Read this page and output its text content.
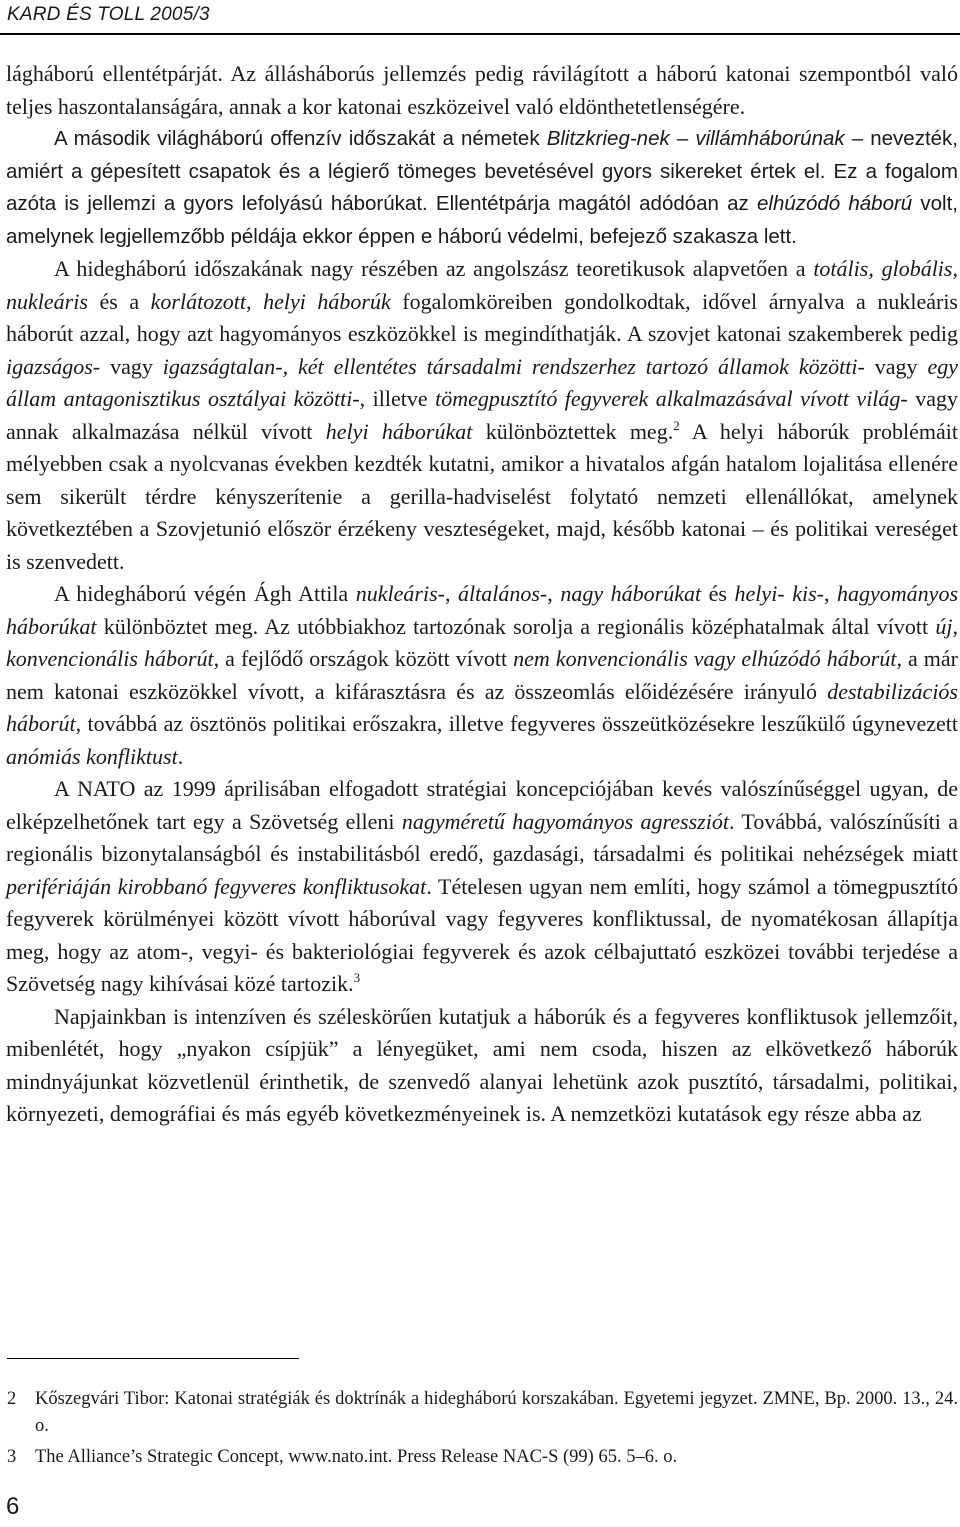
KARD ÉS TOLL 2005/3

lágháború ellentétpárját. Az állásháborús jellemzés pedig rávilágított a háború katonai szempontból való teljes haszontalanságára, annak a kor katonai eszközeivel való eldönthetetlenségére.

A második világháború offenzív időszakát a németek Blitzkrieg-nek – villámháborúnak – nevezték, amiért a gépesített csapatok és a légierő tömeges bevetésével gyors sikereket értek el. Ez a fogalom azóta is jellemzi a gyors lefolyású háborúkat. Ellentétpárja magától adódóan az elhúzódó háború volt, amelynek legjellemzőbb példája ekkor éppen e háború védelmi, befejező szakasza lett.

A hidegháború időszakának nagy részében az angolszász teoretikusok alapvetően a totális, globális, nukleáris és a korlátozott, helyi háborúk fogalomköreiben gondolkodtak, idővel árnyalva a nukleáris háborút azzal, hogy azt hagyományos eszközökkel is megindíthatják. A szovjet katonai szakemberek pedig igazságos- vagy igazságtalan-, két ellentétes társadalmi rendszerhez tartozó államok közötti- vagy egy állam antagonisztikus osztályai közötti-, illetve tömegpusztító fegyverek alkalmazásával vívott világ- vagy annak alkalmazása nélkül vívott helyi háborúkat különböztettek meg.$^2$ A helyi háborúk problémáit mélyebben csak a nyolcvanas években kezdték kutatni, amikor a hivatalos afgán hatalom lojalitása ellenére sem sikerült térdre kényszerítenie a gerilla-hadviselést folytató nemzeti ellenállókat, amelynek következtében a Szovjetunió először érzékeny veszteségeket, majd, később katonai – és politikai vereséget is szenvedett.

A hidegháború végén Ágh Attila nukleáris-, általános-, nagy háborúkat és helyi- kis-, hagyományos háborúkat különböztet meg. Az utóbbiakhoz tartozónak sorolja a regionális középhatalmak által vívott új, konvencionális háborút, a fejlődő országok között vívott nem konvencionális vagy elhúzódó háborút, a már nem katonai eszközökkel vívott, a kifárasztásra és az összeomlás előidézésére irányuló destabilizációs háborút, továbbá az ösztönös politikai erőszakra, illetve fegyveres összeütközésekre leszűkülő úgynevezett anómiás konfliktust.

A NATO az 1999 áprilisában elfogadott stratégiai koncepciójában kevés valószínűséggel ugyan, de elképzelhetőnek tart egy a Szövetség elleni nagyméretű hagyományos agressziót. Továbbá, valószínűsíti a regionális bizonytalanságból és instabilitásból eredő, gazdasági, társadalmi és politikai nehézségek miatt perifériáján kirobbanó fegyveres konfliktusokat. Tételesen ugyan nem említi, hogy számol a tömegpusztító fegyverek körülményei között vívott háborúval vagy fegyveres konfliktussal, de nyomatékosan állapítja meg, hogy az atom-, vegyi- és bakteriológiai fegyverek és azok célbajuttató eszközei további terjedése a Szövetség nagy kihívásai közé tartozik.$^3$

Napjainkban is intenzíven és széleskörűen kutatjuk a háborúk és a fegyveres konfliktusok jellemzőit, mibenlétét, hogy „nyakon csípjük” a lényegüket, ami nem csoda, hiszen az elkövetkező háborúk mindnyájunkat közvetlenül érinthetik, de szenvedő alanyai lehetünk azok pusztító, társadalmi, politikai, környezeti, demográfiai és más egyéb következményeinek is. A nemzetközi kutatások egy része abba az

2	Kőszegvári Tibor: Katonai stratégiák és doktrínák a hidegháború korszakában. Egyetemi jegyzet. ZMNE, Bp. 2000. 13., 24. o.
3	The Alliance’s Strategic Concept, www.nato.int. Press Release NAC-S (99) 65. 5–6. o.
6
